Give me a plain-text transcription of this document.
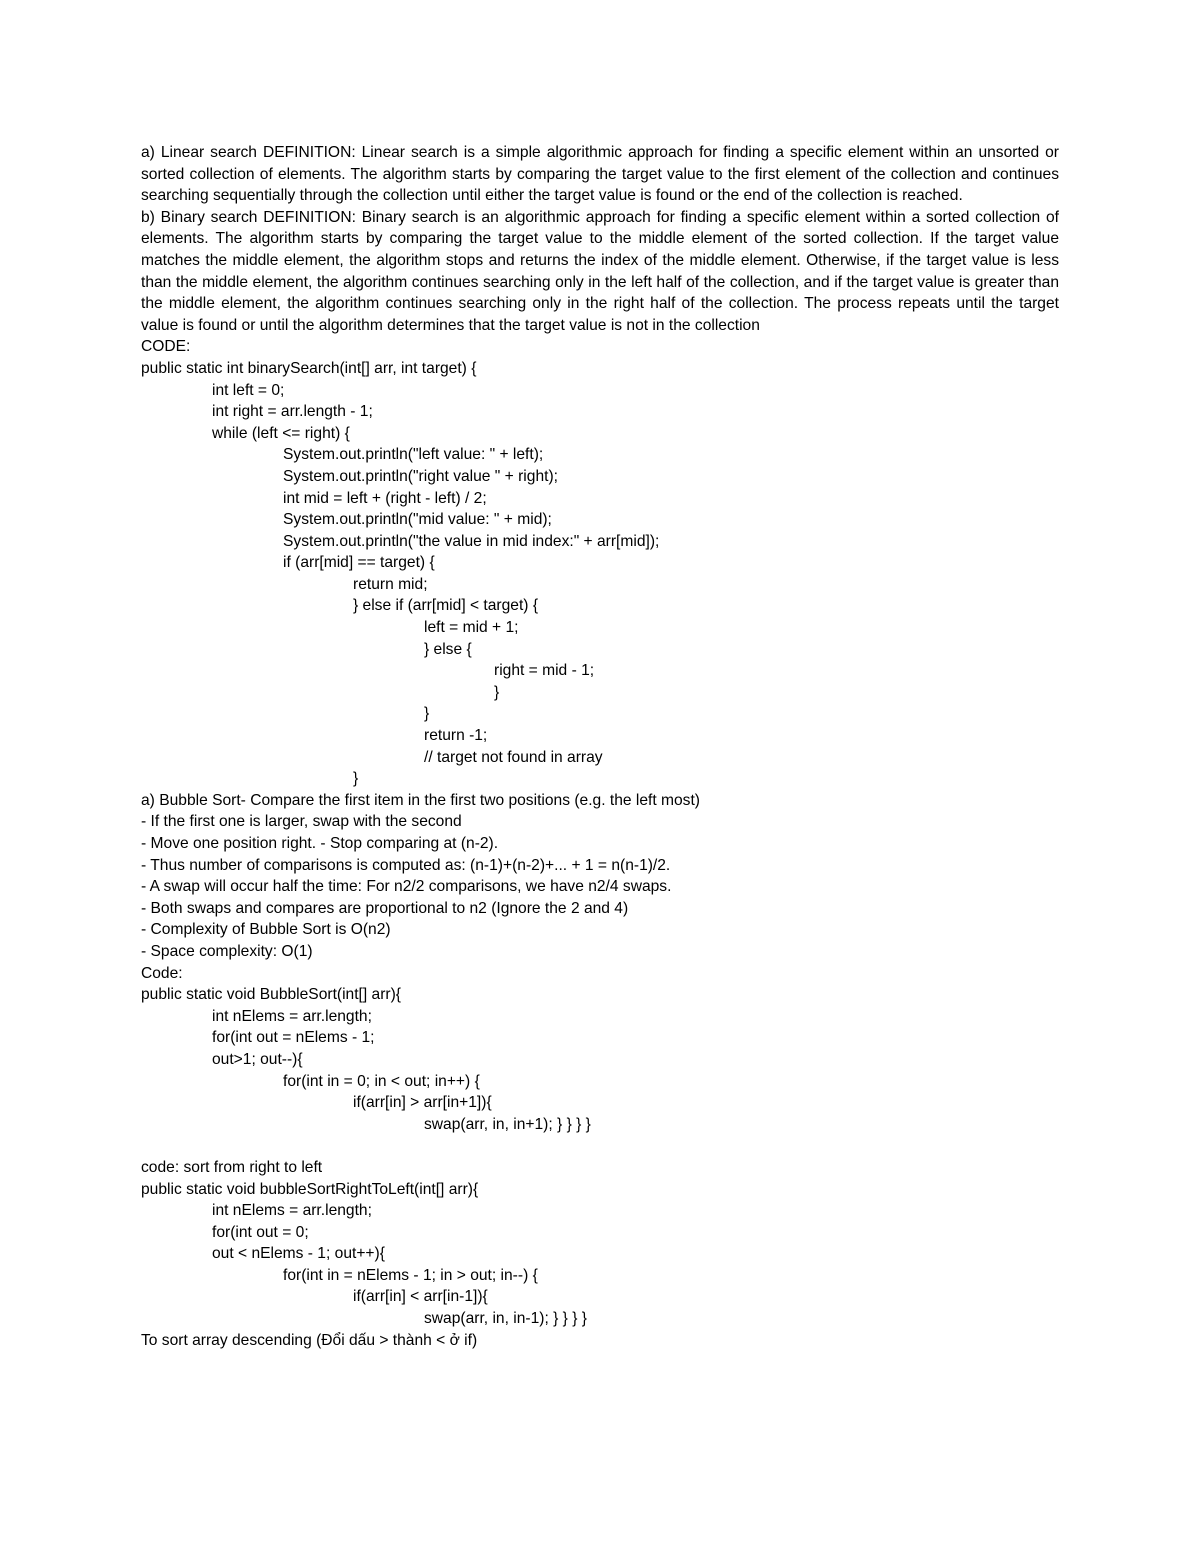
a) Linear search DEFINITION: Linear search is a simple algorithmic approach for finding a specific element within an unsorted or sorted collection of elements. The algorithm starts by comparing the target value to the first element of the collection and continues searching sequentially through the collection until either the target value is found or the end of the collection is reached.

b) Binary search DEFINITION: Binary search is an algorithmic approach for finding a specific element within a sorted collection of elements. The algorithm starts by comparing the target value to the middle element of the sorted collection. If the target value matches the middle element, the algorithm stops and returns the index of the middle element. Otherwise, if the target value is less than the middle element, the algorithm continues searching only in the left half of the collection, and if the target value is greater than the middle element, the algorithm continues searching only in the right half of the collection. The process repeats until the target value is found or until the algorithm determines that the target value is not in the collection

CODE:
public static int binarySearch(int[] arr, int target) {
int left = 0;
int right = arr.length - 1;
while (left <= right) {
System.out.println("left value: " + left);
System.out.println("right value " + right);
int mid = left + (right - left) / 2;
System.out.println("mid value: " + mid);
System.out.println("the value in mid index:" + arr[mid]);
if (arr[mid] == target) {
return mid;
} else if (arr[mid] < target) {
left = mid + 1;
} else {
right = mid - 1;
}
}
return -1;
// target not found in array
}
a) Bubble Sort- Compare the first item in the first two positions (e.g. the left most)
- If the first one is larger, swap with the second
- Move one position right. - Stop comparing at (n-2).
- Thus number of comparisons is computed as: (n-1)+(n-2)+... + 1 = n(n-1)/2.
- A swap will occur half the time: For n2/2 comparisons, we have n2/4 swaps.
- Both swaps and compares are proportional to n2 (Ignore the 2 and 4)
- Complexity of Bubble Sort is O(n2)
- Space complexity: O(1)
Code:
public static void BubbleSort(int[] arr){
int nElems = arr.length;
for(int out = nElems - 1;
out>1; out--){
for(int in = 0; in < out; in++) {
if(arr[in] > arr[in+1]){
swap(arr, in, in+1); } } } }
code: sort from right to left
public static void bubbleSortRightToLeft(int[] arr){
int nElems = arr.length;
for(int out = 0;
out < nElems - 1; out++){
for(int in = nElems - 1; in > out; in--) {
if(arr[in] < arr[in-1]){
swap(arr, in, in-1); } } } }
To sort array descending (Đổi dấu > thành < ở if)
